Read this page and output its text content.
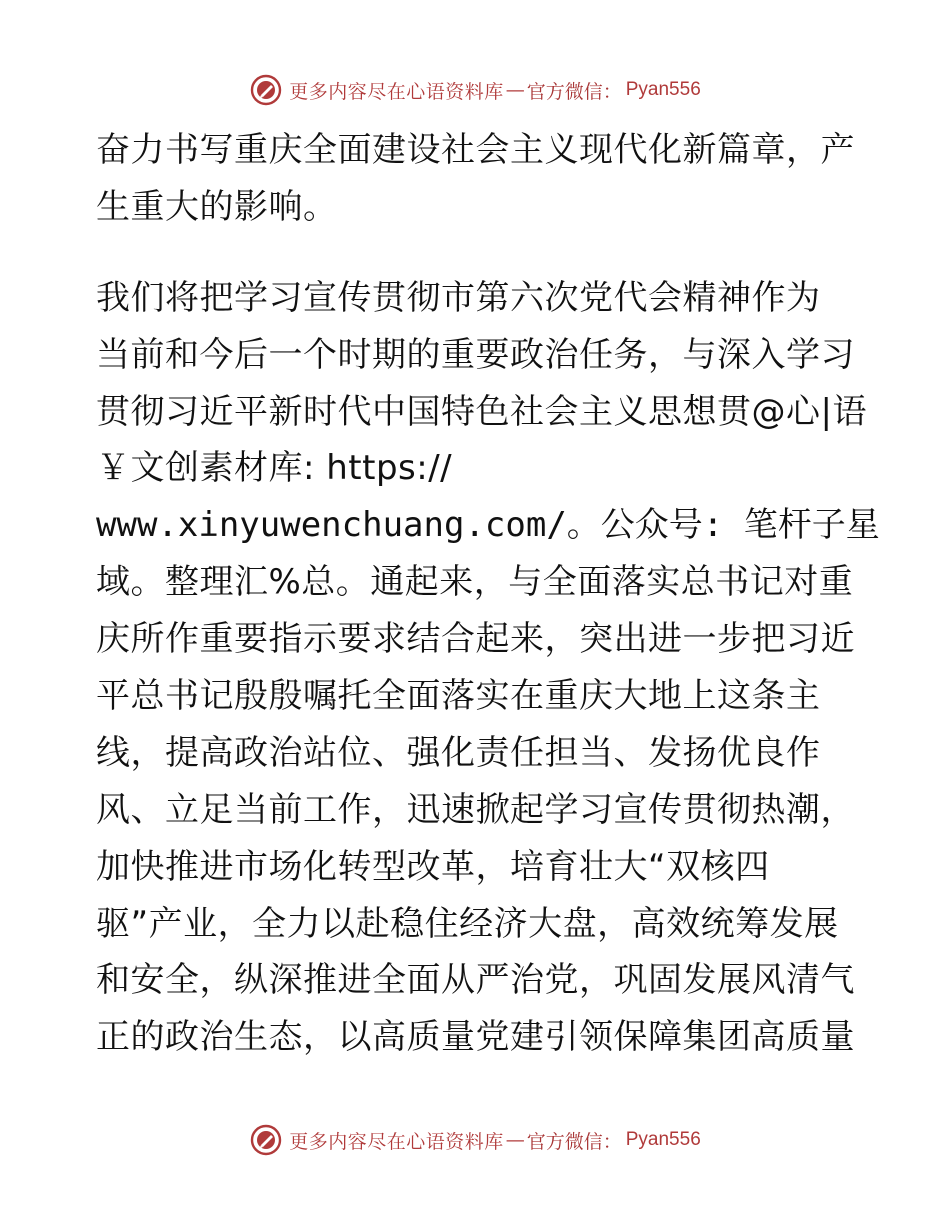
更多内容尽在心语资料库 — 官方微信： Pyan556
奋力书写重庆全面建设社会主义现代化新篇章，产
生重大的影响。
我们将把学习宣传贯彻市第六次党代会精神作为
当前和今后一个时期的重要政治任务，与深入学习
贯彻习近平新时代中国特色社会主义思想贯@心|语
￥文创素材库: https://
www.xinyuwenchuang.com/。公众号: 笔杆子星
域。整理汇%总。通起来，与全面落实总书记对重
庆所作重要指示要求结合起来，突出进一步把习近
平总书记殷殷嘱托全面落实在重庆大地上这条主
线，提高政治站位、强化责任担当、发扬优良作
风、立足当前工作，迅速掀起学习宣传贯彻热潮，
加快推进市场化转型改革，培育壮大“双核四
驱”产业，全力以赴稳住经济大盘，高效统筹发展
和安全，纵深推进全面从严治党，巩固发展风清气
正的政治生态，以高质量党建引领保障集团高质量
更多内容尽在心语资料库 — 官方微信： Pyan556
